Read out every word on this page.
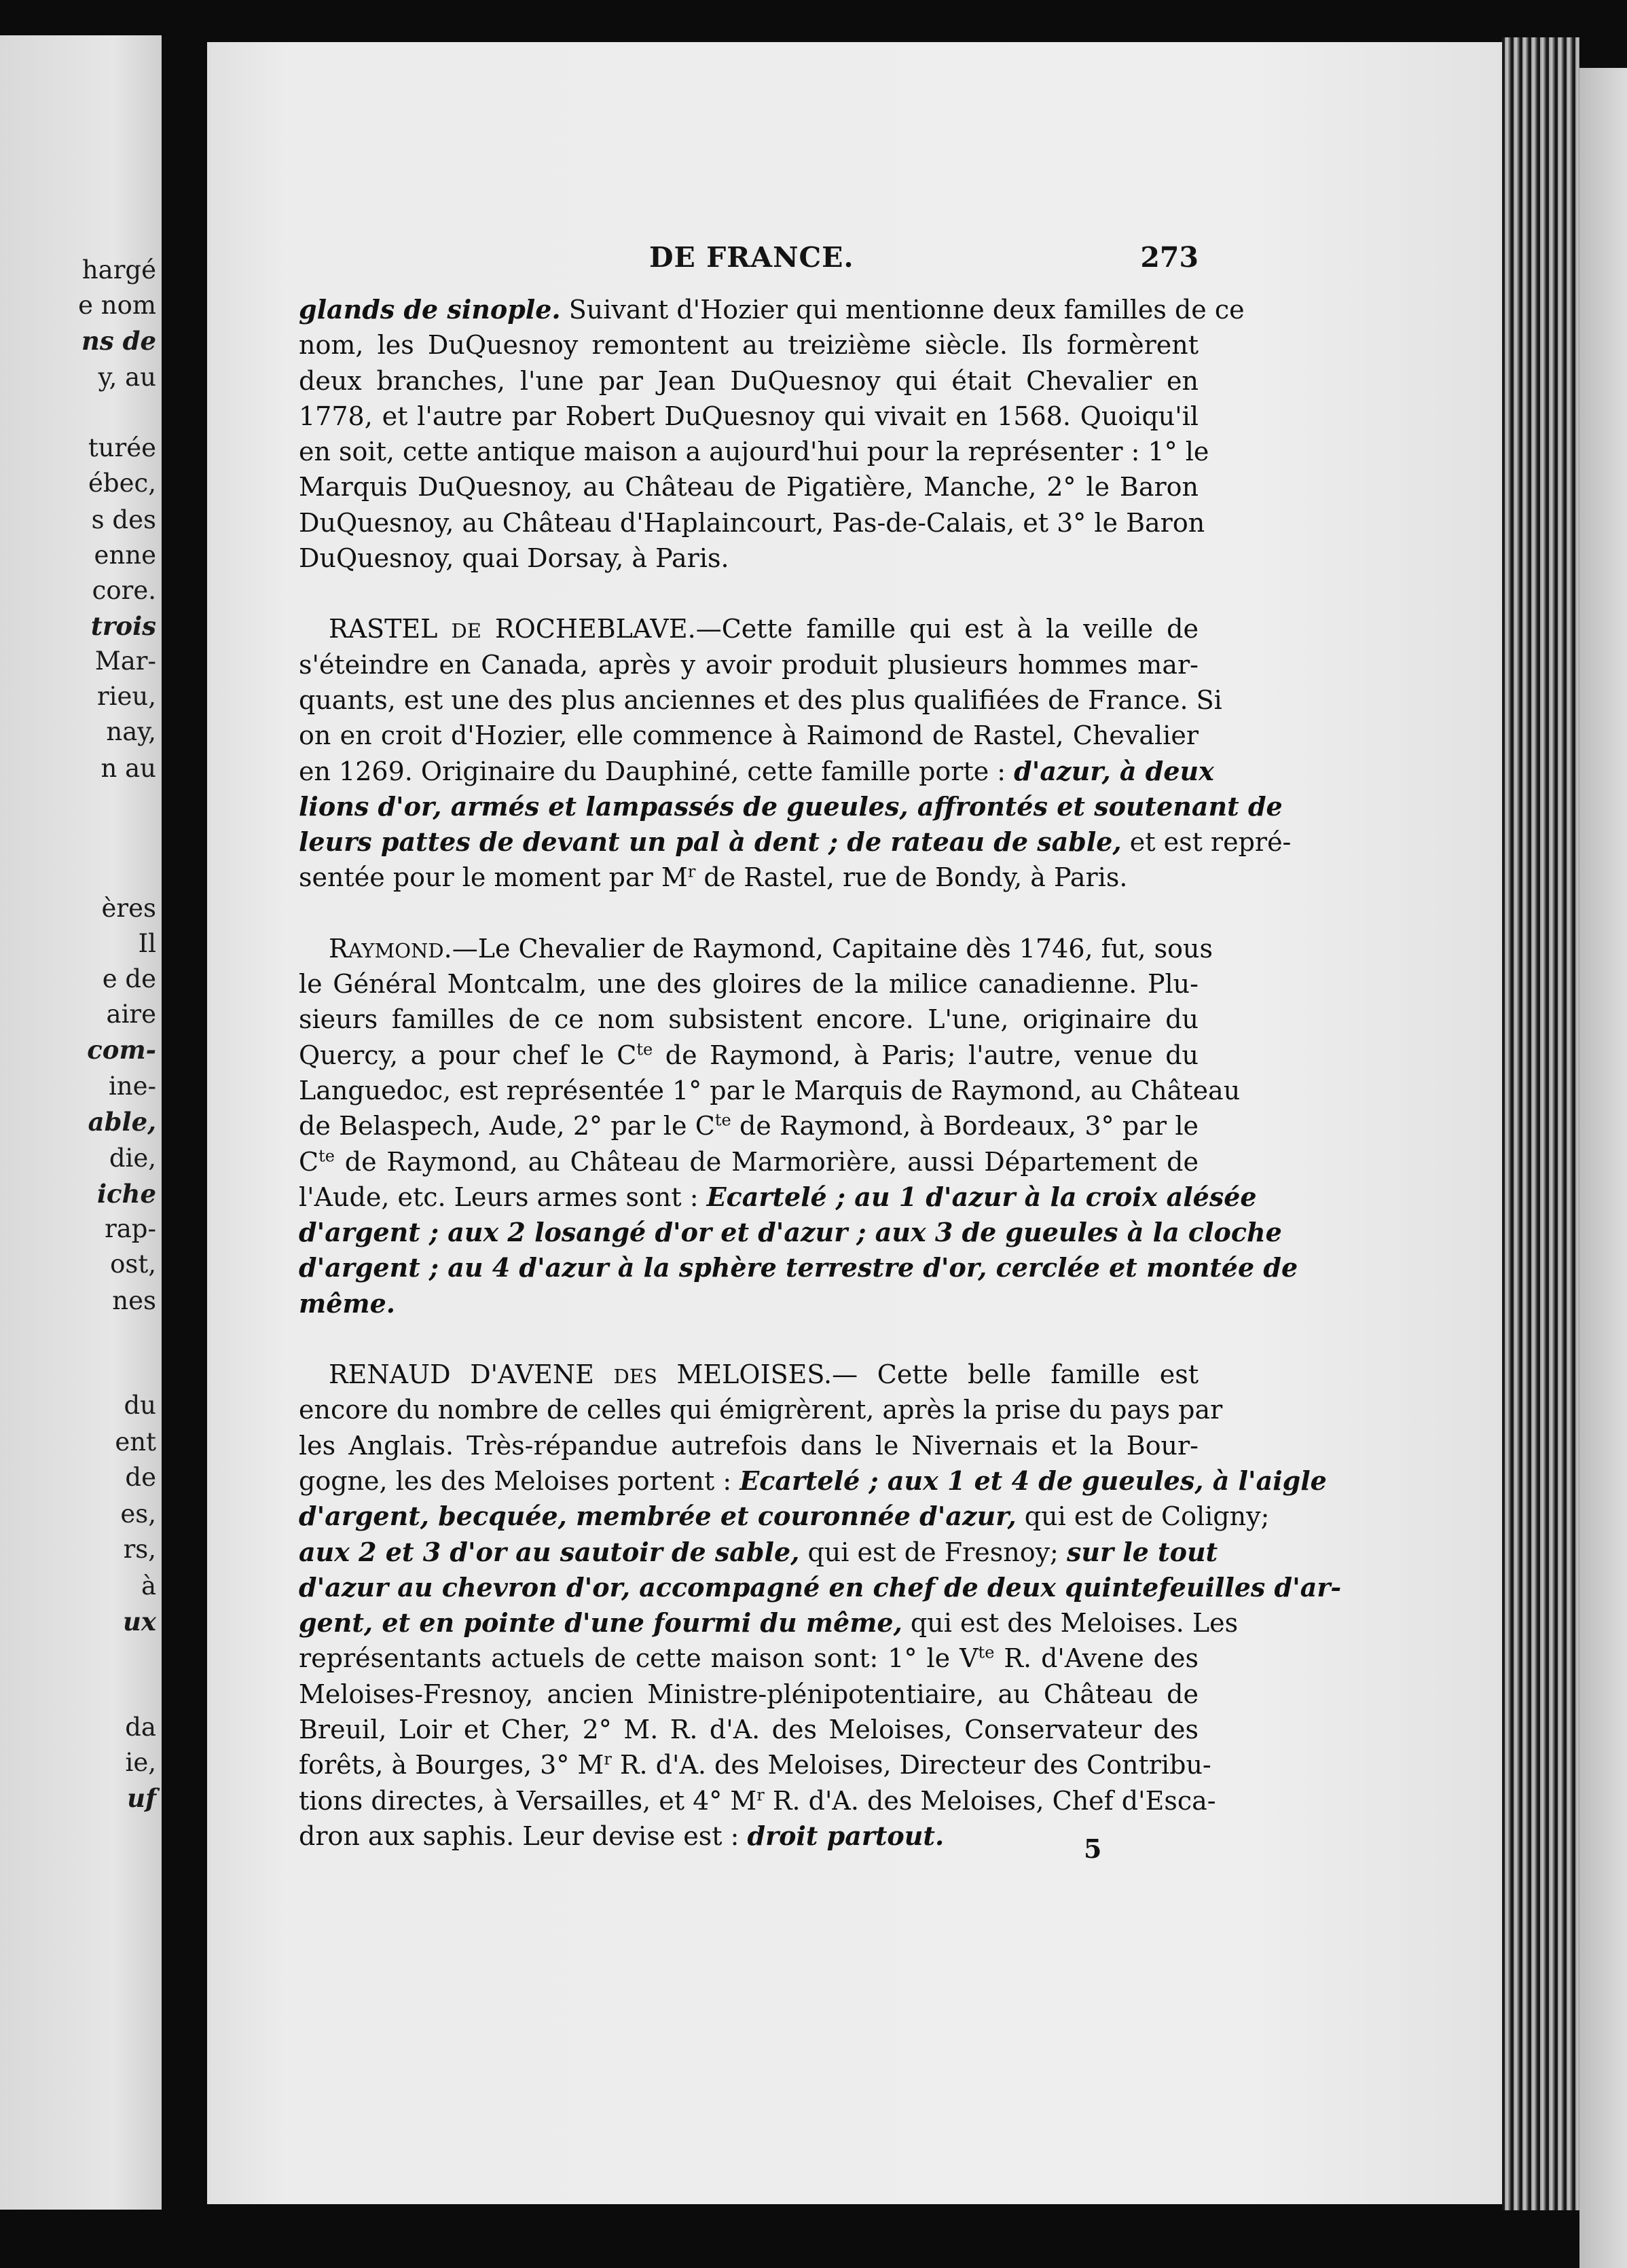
hargé
e nom
ns de
y, au
turée
ébec,
s des
enne
core.
trois
Mar-
rieu,
nay,
n au
ères
Il
e de
aire
com-
ine-
able,
die,
iche
rap-
ost,
nes
du
ent
de
es,
rs,
à
ux
da
ie,
uf
DE FRANCE.	273
glands de sinople. Suivant d'Hozier qui mentionne deux familles de ce
nom, les DuQuesnoy remontent au treizième siècle. Ils formèrent
deux branches, l'une par Jean DuQuesnoy qui était Chevalier en
1778, et l'autre par Robert DuQuesnoy qui vivait en 1568. Quoiqu'il
en soit, cette antique maison a aujourd'hui pour la représenter : 1° le
Marquis DuQuesnoy, au Château de Pigatière, Manche, 2° le Baron
DuQuesnoy, au Château d'Haplaincourt, Pas-de-Calais, et 3° le Baron
DuQuesnoy, quai Dorsay, à Paris.
RASTEL DE ROCHEBLAVE.—Cette famille qui est à la veille de
s'éteindre en Canada, après y avoir produit plusieurs hommes mar-
quants, est une des plus anciennes et des plus qualifiées de France. Si
on en croit d'Hozier, elle commence à Raimond de Rastel, Chevalier
en 1269. Originaire du Dauphiné, cette famille porte : d'azur, à deux
lions d'or, armés et lampassés de gueules, affrontés et soutenant de
leurs pattes de devant un pal à dent ; de rateau de sable, et est repré-
sentée pour le moment par $M^r$ de Rastel, rue de Bondy, à Paris.
RAYMOND.—Le Chevalier de Raymond, Capitaine dès 1746, fut, sous
le Général Montcalm, une des gloires de la milice canadienne. Plu-
sieurs familles de ce nom subsistent encore. L'une, originaire du
Quercy, a pour chef le $C^{te}$ de Raymond, à Paris; l'autre, venue du
Languedoc, est représentée 1° par le Marquis de Raymond, au Château
de Belaspech, Aude, 2° par le $C^{te}$ de Raymond, à Bordeaux, 3° par le
$C^{te}$ de Raymond, au Château de Marmorière, aussi Département de
l'Aude, etc. Leurs armes sont : Ecartelé ; au 1 d'azur à la croix alésée
d'argent ; aux 2 losangé d'or et d'azur ; aux 3 de gueules à la cloche
d'argent ; au 4 d'azur à la sphère terrestre d'or, cerclée et montée de
même.
RENAUD D'AVENE DES MELOISES.— Cette belle famille est
encore du nombre de celles qui émigrèrent, après la prise du pays par
les Anglais. Très-répandue autrefois dans le Nivernais et la Bour-
gogne, les des Meloises portent : Ecartelé ; aux 1 et 4 de gueules, à l'aigle
d'argent, becquée, membrée et couronnée d'azur, qui est de Coligny;
aux 2 et 3 d'or au sautoir de sable, qui est de Fresnoy; sur le tout
d'azur au chevron d'or, accompagné en chef de deux quintefeuilles d'ar-
gent, et en pointe d'une fourmi du même, qui est des Meloises. Les
représentants actuels de cette maison sont: 1° le $V^{te}$ R. d'Avene des
Meloises-Fresnoy, ancien Ministre-plénipotentiaire, au Château de
Breuil, Loir et Cher, 2° M. R. d'A. des Meloises, Conservateur des
forêts, à Bourges, 3° $M^r$ R. d'A. des Meloises, Directeur des Contribu-
tions directes, à Versailles, et 4° $M^r$ R. d'A. des Meloises, Chef d'Esca-
dron aux saphis. Leur devise est : droit partout.	5
